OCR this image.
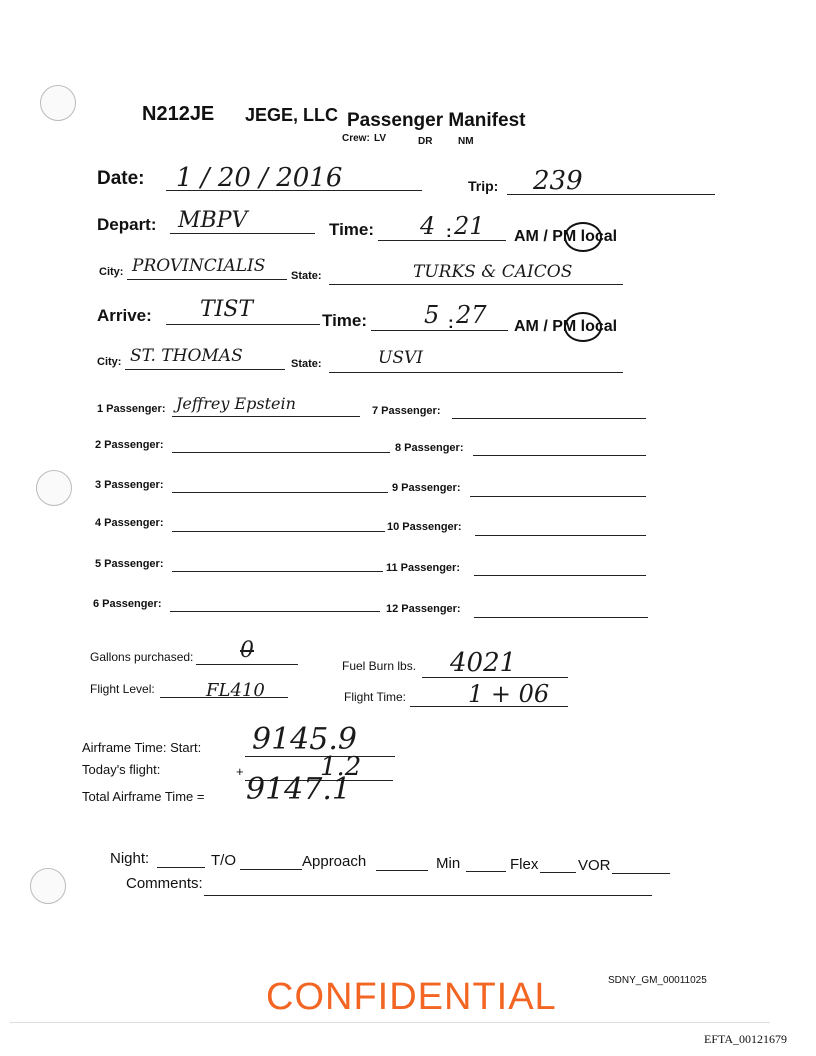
N212JE JEGE, LLC Passenger Manifest
Crew: LV	DR	NM
Date: 1 / 20 / 2016	Trip: 239
Depart: MBPV	Time: 4 : 21 AM / PM local
City: PROVINCIALIS State:	TURKS & CAICOS
Arrive: TIST	Time: 5 : 27 AM / PM local
City: ST. THOMAS	State:	USVI
1 Passenger: Jeffrey Epstein
2 Passenger:
3 Passenger:
4 Passenger:
5 Passenger:
6 Passenger:
7 Passenger:
8 Passenger:
9 Passenger:
10 Passenger:
11 Passenger:
12 Passenger:
Gallons purchased: 0
Fuel Burn lbs. 4021
Flight Level:	FL410	Flight Time:	1 + 06
Airframe Time: Start: 9145.9
Today's flight:	+	1.2
Total Airframe Time = 9147.1
Night:	T/O	Approach	Min	Flex	VOR
Comments:
CONFIDENTIAL	SDNY_GM_00011025
EFTA_00121679
